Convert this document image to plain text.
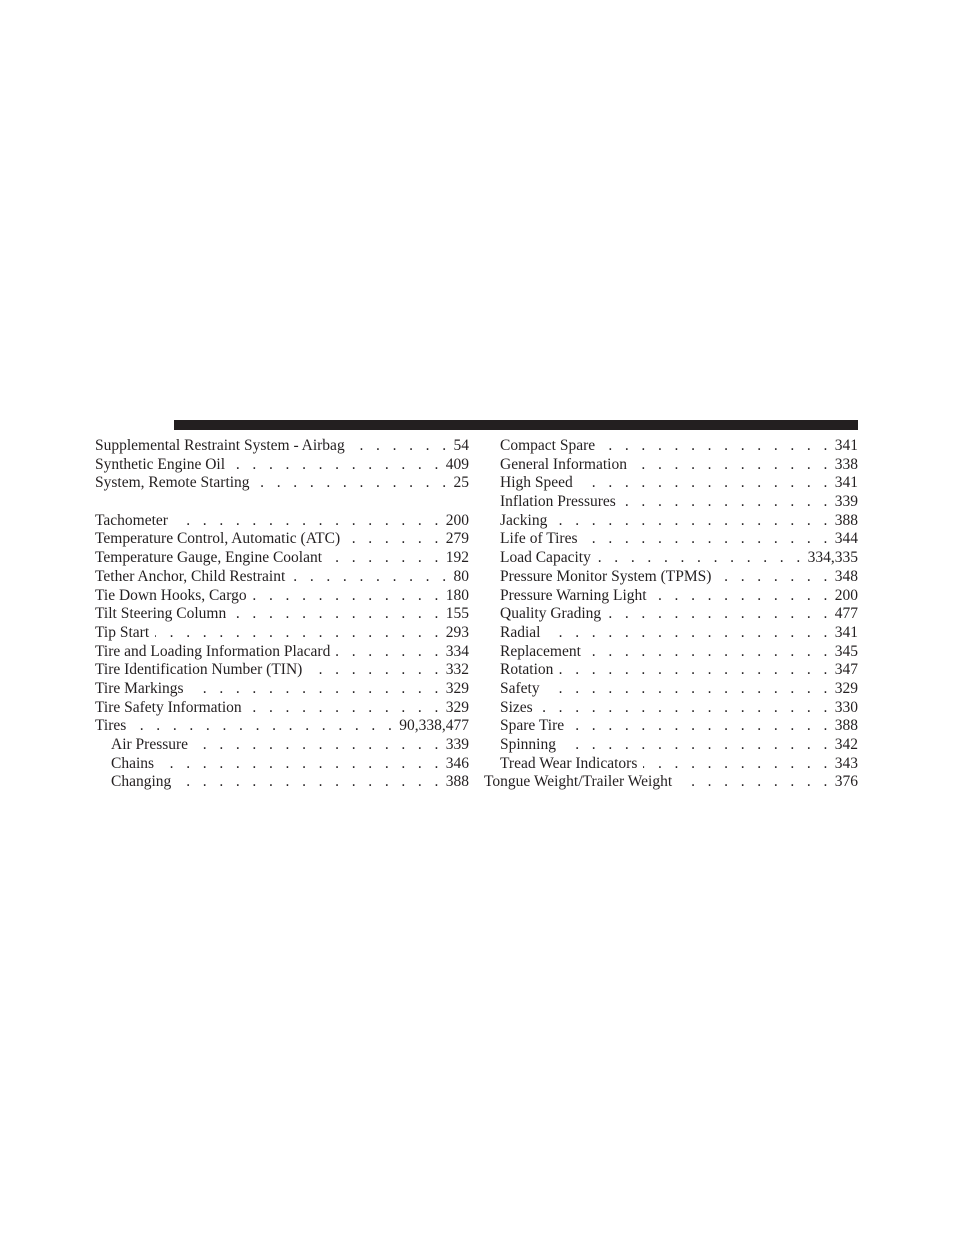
Supplemental Restraint System - Airbag . . .	54
Synthetic Engine Oil . . .	409
System, Remote Starting . . .	25
Tachometer . . .	200
Temperature Control, Automatic (ATC) . . .	279
Temperature Gauge, Engine Coolant . . .	192
Tether Anchor, Child Restraint . . .	80
Tie Down Hooks, Cargo . . .	180
Tilt Steering Column . . .	155
Tip Start . . .	293
Tire and Loading Information Placard . . .	334
Tire Identification Number (TIN) . . .	332
Tire Markings . . .	329
Tire Safety Information . . .	329
Tires . . .	90,338,477
Air Pressure . . .	339
Chains . . .	346
Changing . . .	388
Compact Spare . . .	341
General Information . . .	338
High Speed . . .	341
Inflation Pressures . . .	339
Jacking . . .	388
Life of Tires . . .	344
Load Capacity . . .	334,335
Pressure Monitor System (TPMS) . . .	348
Pressure Warning Light . . .	200
Quality Grading . . .	477
Radial . . .	341
Replacement . . .	345
Rotation . . .	347
Safety . . .	329
Sizes . . .	330
Spare Tire . . .	388
Spinning . . .	342
Tread Wear Indicators . . .	343
Tongue Weight/Trailer Weight . . .	376
